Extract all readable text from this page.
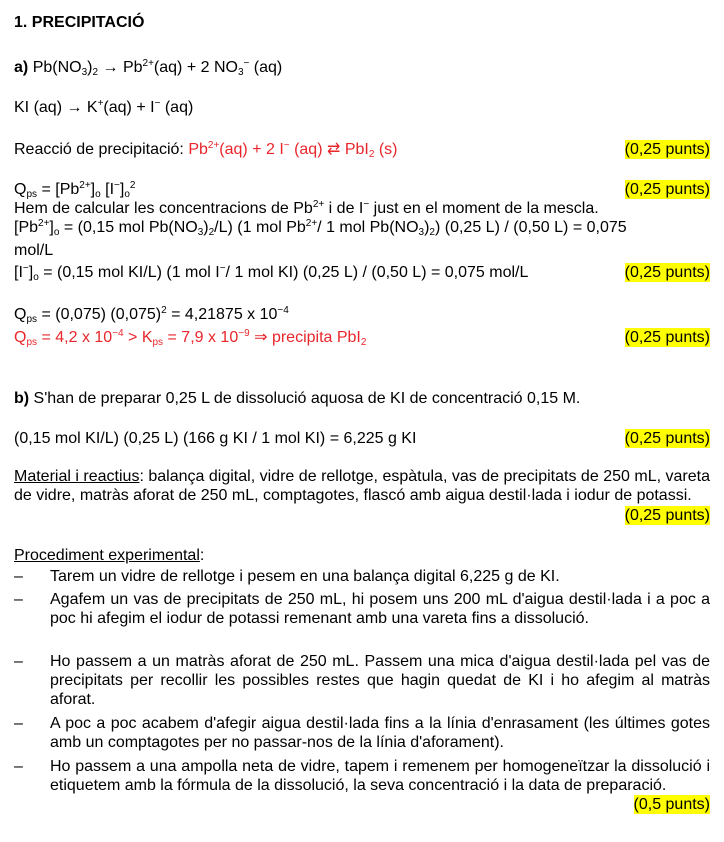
1. PRECIPITACIÓ
a) $Pb(NO_3)_2 \to Pb^{2+}(aq) + 2$ $NO_3^-$ (aq)
KI (aq) → K+(aq) + I− (aq)
Reacció de precipitació: $Pb^{2+}(aq) + 2$ I− (aq) ⇄ PbI$_2$ (s)	(0,25 punts)
$Q_{ps} = [Pb^{2+}]_o$ $[I^-]_o^2$	(0,25 punts)
Hem de calcular les concentracions de $Pb^{2+}$ i de I− just en el moment de la mescla.
$[Pb^{2+}]_o = (0,15$ mol $Pb(NO_3)_2/L$) (1 mol $Pb^{2+}/$ 1 mol $Pb(NO_3)_2$) (0,25 L) / (0,50 L) = 0,075
mol/L
$[I^-]_o = (0,15$ mol KI/L) (1 mol I−/ 1 mol KI) (0,25 L) / (0,50 L) = 0,075 mol/L	(0,25 punts)
$Q_{ps} = (0,075) (0,075)^2 = 4,21875$ x $10^{-4}$
$Q_{ps} = 4,2$ x $10^{-4} > K_{ps} = 7,9$ x $10^{-9}$ ⇒ precipita PbI$_2$	(0,25 punts)
b) S'han de preparar 0,25 L de dissolució aquosa de KI de concentració 0,15 M.
(0,15 mol KI/L) (0,25 L) (166 g KI / 1 mol KI) = 6,225 g KI	(0,25 punts)
Material i reactius: balança digital, vidre de rellotge, espàtula, vas de precipitats de 250 mL, vareta de vidre, matràs aforat de 250 mL, comptagotes, flascó amb aigua destil·lada i iodur de potassi.
(0,25 punts)
Procediment experimental:
– Tarem un vidre de rellotge i pesem en una balança digital 6,225 g de KI.
– Agafem un vas de precipitats de 250 mL, hi posem uns 200 mL d'aigua destil·lada i a poc a poc hi afegim el iodur de potassi remenant amb una vareta fins a dissolució.
– Ho passem a un matràs aforat de 250 mL. Passem una mica d'aigua destil·lada pel vas de precipitats per recollir les possibles restes que hagin quedat de KI i ho afegim al matràs aforat.
– A poc a poc acabem d'afegir aigua destil·lada fins a la línia d'enrasament (les últimes gotes amb un comptagotes per no passar-nos de la línia d'aforament).
– Ho passem a una ampolla neta de vidre, tapem i remenem per homogeneïtzar la dissolució i etiquetem amb la fórmula de la dissolució, la seva concentració i la data de preparació.
(0,5 punts)
